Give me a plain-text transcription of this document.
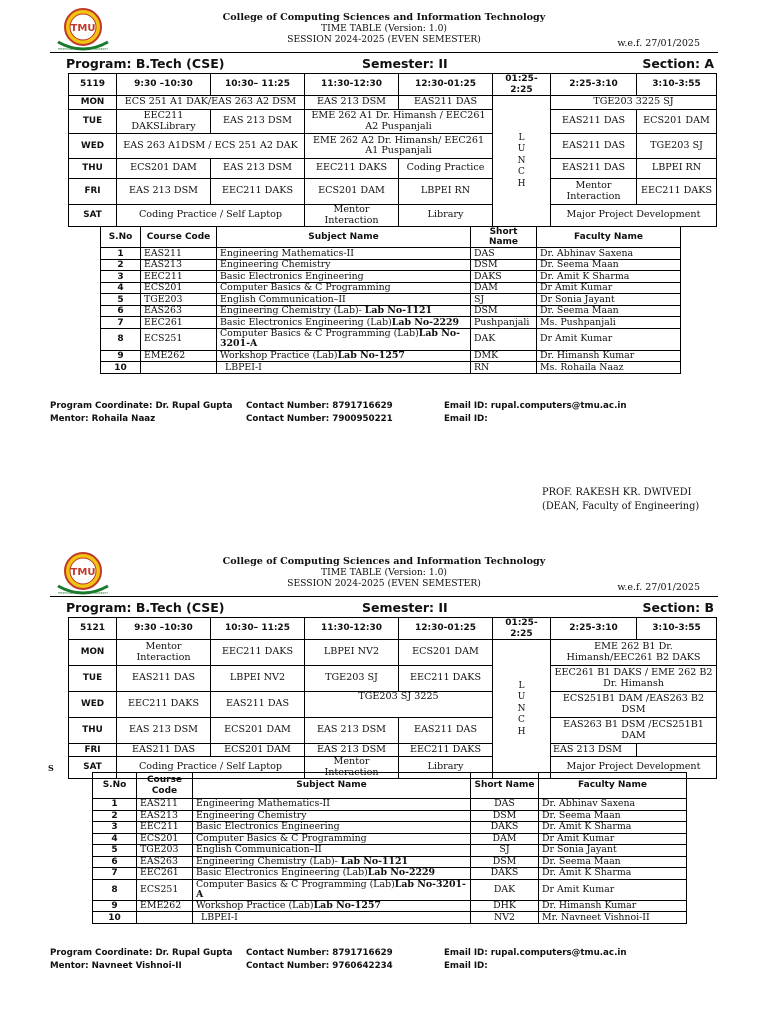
TMU
TEERTHANKER MAHAVEER UNIVERSITY
College of Computing Sciences and Information Technology
TIME TABLE (Version: 1.0)
SESSION 2024-2025 (EVEN SEMESTER)	w.e.f. 27/01/2025
Program: B.Tech (CSE)	Semester: II	Section: A
5119	9:30 –10:30	10:30– 11:25	11:30-12:30	12:30-01:25	01:25-2:25	2:25-3:10	3:10-3:55
MON	ECS 251 A1 DAK/EAS 263 A2 DSM		EAS 213 DSM	EAS211 DAS	L U N C H	TGE203 3225 SJ	
TUE	EEC211 DAKSLibrary	EAS 213 DSM	EME 262 A1 Dr. Himansh / EEC261 A2 Puspanjali			EAS211 DAS	ECS201 DAM
WED	EAS 263 A1DSM / ECS 251 A2 DAK		EME 262 A2 Dr. Himansh/ EEC261 A1 Puspanjali			EAS211 DAS	TGE203 SJ
THU	ECS201 DAM	EAS 213 DSM	EEC211 DAKS	Coding Practice		EAS211 DAS	LBPEI RN
FRI	EAS 213 DSM	EEC211 DAKS	ECS201 DAM	LBPEI RN		Mentor Interaction	EEC211 DAKS
SAT	Coding Practice / Self Laptop		Mentor Interaction	Library		Major Project Development	
S.No	Course Code	Subject Name	Short Name	Faculty Name
1	EAS211	Engineering Mathematics-II	DAS	Dr. Abhinav Saxena
2	EAS213	Engineering Chemistry	DSM	Dr. Seema Maan
3	EEC211	Basic Electronics Engineering	DAKS	Dr. Amit K Sharma
4	ECS201	Computer Basics & C Programming	DAM	Dr Amit Kumar
5	TGE203	English Communication–II	SJ	Dr Sonia Jayant
6	EAS263	Engineering Chemistry (Lab)- Lab No-1121	DSM	Dr. Seema Maan
7	EEC261	Basic Electronics Engineering (Lab)Lab No-2229	Pushpanjali	Ms. Pushpanjali
8	ECS251	Computer Basics & C Programming (Lab)Lab No-3201-A	DAK	Dr Amit Kumar
9	EME262	Workshop Practice (Lab)Lab No-1257	DMK	Dr. Himansh Kumar
10		LBPEI-I	RN	Ms. Rohaila Naaz
Program Coordinate: Dr. Rupal Gupta
Mentor: Rohaila Naaz
Contact Number: 8791716629
Contact Number: 7900950221
Email ID: rupal.computers@tmu.ac.in
Email ID:
PROF. RAKESH KR. DWIVEDI
(DEAN, Faculty of Engineering)
TMU
TEERTHANKER MAHAVEER UNIVERSITY
College of Computing Sciences and Information Technology
TIME TABLE (Version: 1.0)
SESSION 2024-2025 (EVEN SEMESTER)	w.e.f. 27/01/2025
Program: B.Tech (CSE)	Semester: II	Section: B
5121	9:30 –10:30	10:30– 11:25	11:30-12:30	12:30-01:25	01:25-2:25	2:25-3:10	3:10-3:55
MON	Mentor Interaction	EEC211 DAKS	LBPEI NV2	ECS201 DAM	L U N C H	EME 262 B1 Dr. Himansh/EEC261 B2 DAKS	
TUE	EAS211 DAS	LBPEI NV2	TGE203 SJ	EEC211 DAKS		EEC261 B1 DAKS / EME 262 B2 Dr. Himansh	
WED	EEC211 DAKS	EAS211 DAS	TGE203 SJ 3225			ECS251B1 DAM /EAS263 B2 DSM	
THU	EAS 213 DSM	ECS201 DAM	EAS 213 DSM	EAS211 DAS		EAS263 B1 DSM /ECS251B1 DAM	
FRI	EAS211 DAS	ECS201 DAM	EAS 213 DSM	EEC211 DAKS		EAS 213 DSM	
SAT	Coding Practice / Self Laptop		Mentor Interaction	Library		Major Project Development	
S
S.No	Course Code	Subject Name	Short Name	Faculty Name
1	EAS211	Engineering Mathematics-II	DAS	Dr. Abhinav Saxena
2	EAS213	Engineering Chemistry	DSM	Dr. Seema Maan
3	EEC211	Basic Electronics Engineering	DAKS	Dr. Amit K Sharma
4	ECS201	Computer Basics & C Programming	DAM	Dr Amit Kumar
5	TGE203	English Communication–II	SJ	Dr Sonia Jayant
6	EAS263	Engineering Chemistry (Lab)- Lab No-1121	DSM	Dr. Seema Maan
7	EEC261	Basic Electronics Engineering (Lab)Lab No-2229	DAKS	Dr. Amit K Sharma
8	ECS251	Computer Basics & C Programming (Lab)Lab No-3201-A	DAK	Dr Amit Kumar
9	EME262	Workshop Practice (Lab)Lab No-1257	DHK	Dr. Himansh Kumar
10		LBPEI-I	NV2	Mr. Navneet Vishnoi-II
Program Coordinate: Dr. Rupal Gupta
Mentor: Navneet Vishnoi-II
Contact Number: 8791716629
Contact Number: 9760642234
Email ID: rupal.computers@tmu.ac.in
Email ID:
